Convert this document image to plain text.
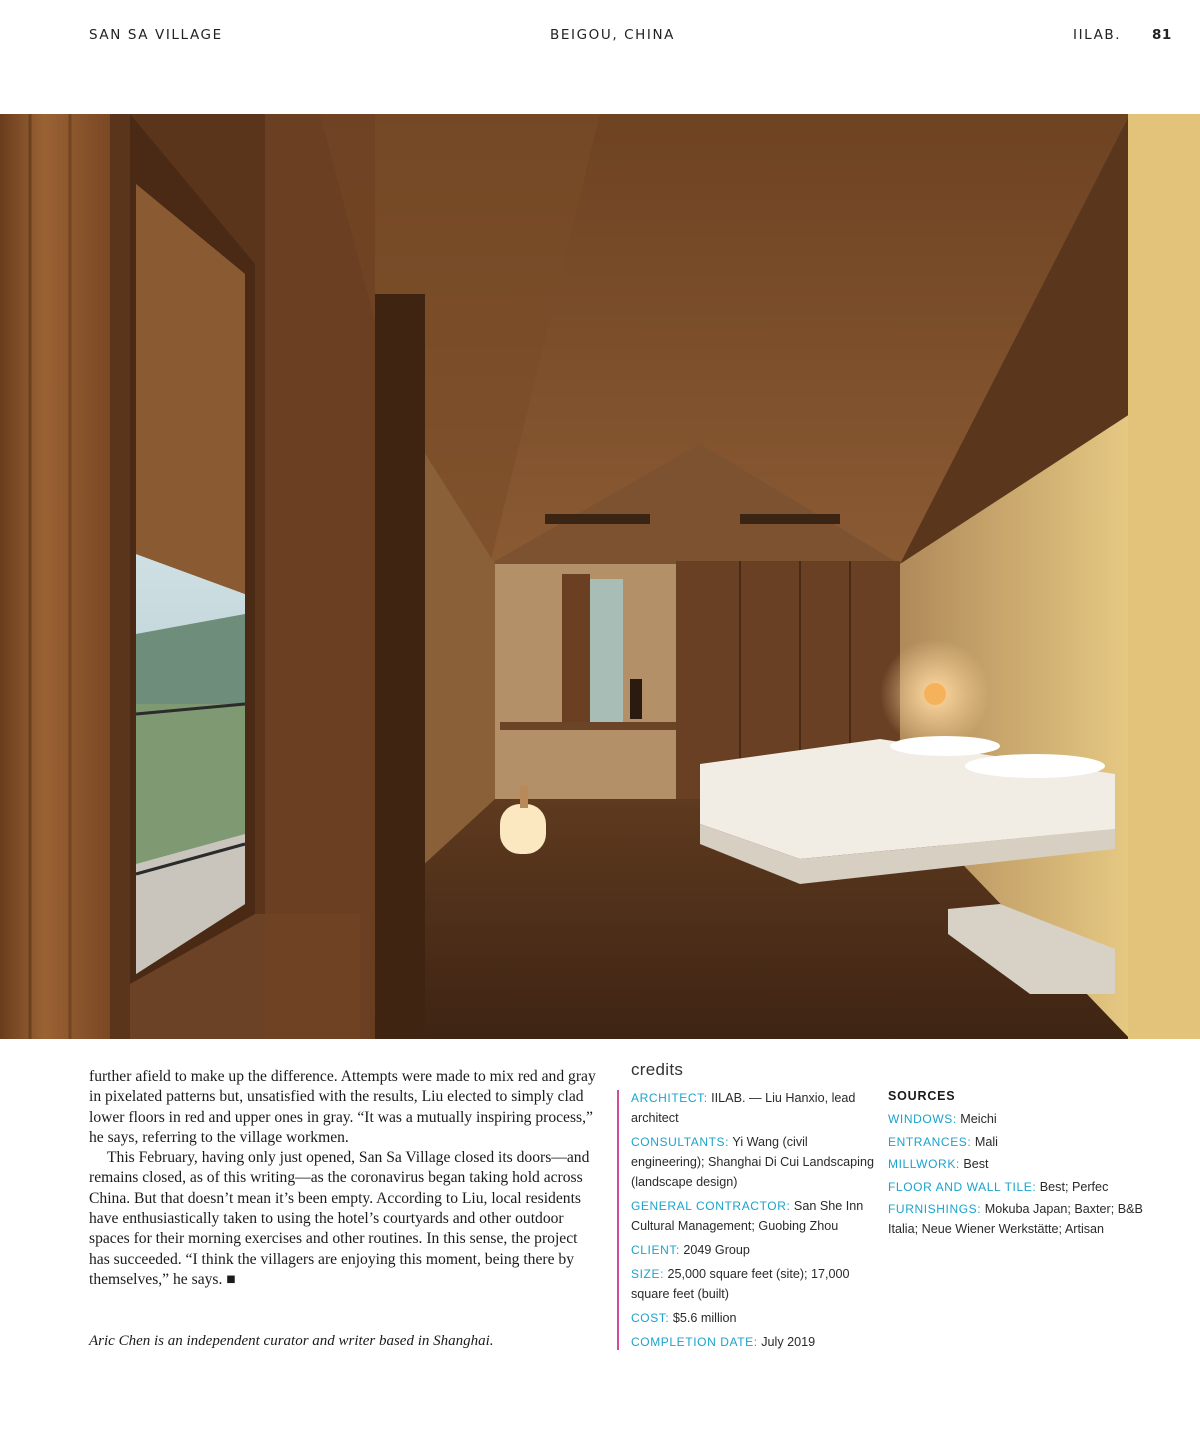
SAN SA VILLAGE	BEIGOU, CHINA	IILAB. 81

further afield to make up the difference. Attempts were made to mix red and gray in pixelated patterns but, unsatisfied with the results, Liu elected to simply clad lower floors in red and upper ones in gray. “It was a mutually inspiring process,” he says, referring to the village workmen.

This February, having only just opened, San Sa Village closed its doors—and remains closed, as of this writing—as the coronavirus began taking hold across China. But that doesn’t mean it’s been empty. According to Liu, local residents have enthusiastically taken to using the hotel’s courtyards and other outdoor spaces for their morning exercises and other routines. In this sense, the project has succeeded. “I think the villagers are enjoying this moment, being there by themselves,” he says. ■

Aric Chen is an independent curator and writer based in Shanghai.
credits
ARCHITECT: IILAB. — Liu Hanxio, lead architect
CONSULTANTS: Yi Wang (civil engineering); Shanghai Di Cui Landscaping (landscape design)
GENERAL CONTRACTOR: San She Inn Cultural Management; Guobing Zhou
CLIENT: 2049 Group
SIZE: 25,000 square feet (site); 17,000 square feet (built)
COST: $5.6 million
COMPLETION DATE: July 2019
SOURCES
WINDOWS: Meichi
ENTRANCES: Mali
MILLWORK: Best
FLOOR AND WALL TILE: Best; Perfec
FURNISHINGS: Mokuba Japan; Baxter; B&B Italia; Neue Wiener Werkstätte; Artisan
